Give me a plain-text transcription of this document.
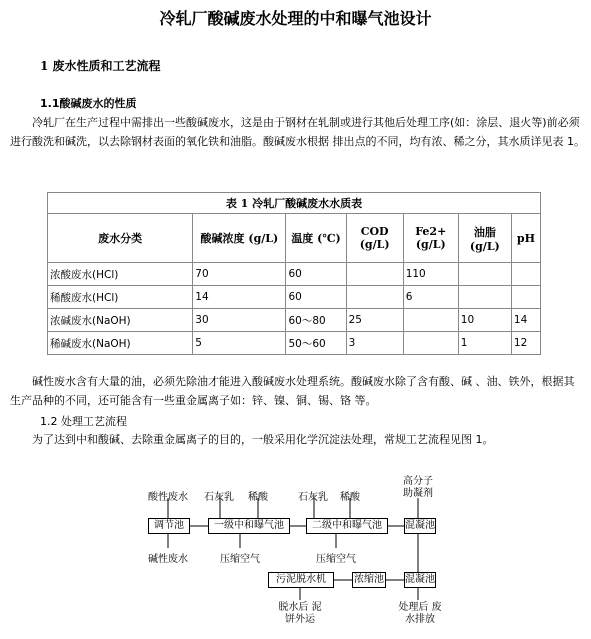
冷轧厂酸碱废水处理的中和曝气池设计
1 废水性质和工艺流程
1.1酸碱废水的性质
冷轧厂在生产过程中需排出一些酸碱废水，这是由于钢材在轧制或进行其他后处理工序(如：涂层、退火等)前必须进行酸洗和碱洗，以去除钢材表面的氧化铁和油脂。酸碱废水根据 排出点的不同，均有浓、稀之分，其水质详见表 1。
表 1 冷轧厂酸碱废水水质表						
废水分类	酸碱浓度 (g/L)	温度 (℃)	COD (g/L)	Fe2+ (g/L)	油脂 (g/L)	pH
浓酸废水(HCl)	70	60		110		
稀酸废水(HCl)	14	60		6		
浓碱废水(NaOH)	30	60～80	25		10	14
稀碱废水(NaOH)	5	50～60	3		1	12
碱性废水含有大量的油，必须先除油才能进入酸碱废水处理系统。酸碱废水除了含有酸、碱 、油、铁外，根据其生产品种的不同，还可能含有一些重金属离子如：锌、镍、铜、锡、铬 等。
1.2 处理工艺流程
为了达到中和酸碱、去除重金属离子的目的，一般采用化学沉淀法处理，常规工艺流程见图 1。
酸性废水 石灰乳 稀酸	石灰乳 稀酸
高分子 助凝剂
调节池	一级中和曝气池	二级中和曝气池	混凝池
污泥脱水机	浓缩池 混凝池
碱性废水	压缩空气	压缩空气
脱水后 泥饼外运
处理后 废水排放
